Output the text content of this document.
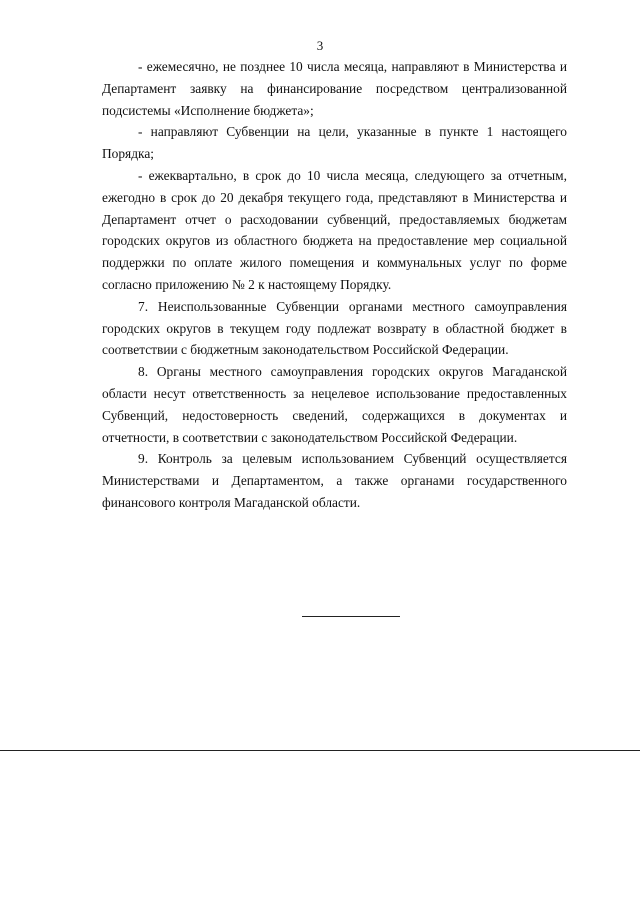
3

- ежемесячно, не позднее 10 числа месяца, направляют в Министерства и Департамент заявку на финансирование посредством централизованной подсистемы «Исполнение бюджета»;

- направляют Субвенции на цели, указанные в пункте 1 настоящего Порядка;

- ежеквартально, в срок до 10 числа месяца, следующего за отчетным, ежегодно в срок до 20 декабря текущего года, представляют в Министерства и Департамент отчет о расходовании субвенций, предоставляемых бюджетам городских округов из областного бюджета на предоставление мер социальной поддержки по оплате жилого помещения и коммунальных услуг по форме согласно приложению № 2 к настоящему Порядку.

7. Неиспользованные Субвенции органами местного самоуправления городских округов в текущем году подлежат возврату в областной бюджет в соответствии с бюджетным законодательством Российской Федерации.

8. Органы местного самоуправления городских округов Магаданской области несут ответственность за нецелевое использование предоставленных Субвенций, недостоверность сведений, содержащихся в документах и отчетности, в соответствии с законодательством Российской Федерации.

9. Контроль за целевым использованием Субвенций осуществляется Министерствами и Департаментом, а также органами государственного финансового контроля Магаданской области.
